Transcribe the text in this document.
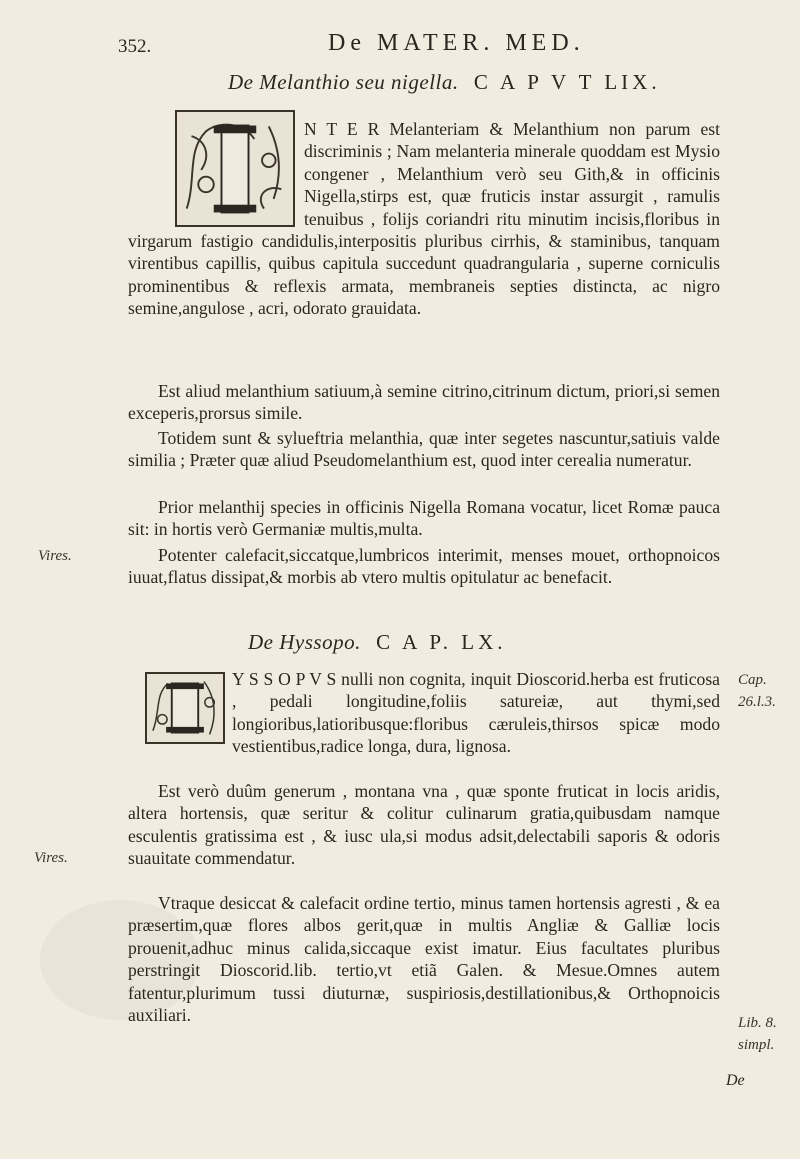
352.	De MATER. MED.
De Melanthio seu nigella. C A P V T LIX.
N T E R Melanteriam & Melanthium non parum est discriminis ; Nam melanteria minerale quoddam est Mysio congener , Melanthium verò seu Gith,& in officinis Nigella,stirps est, quæ fruticis instar assurgit , ramulis tenuibus , folijs coriandri ritu minutim incisis,floribus in virgarum fastigio candidulis,interpositis pluribus cirrhis, & staminibus, tanquam virentibus capillis, quibus capitula succedunt quadrangularia , superne corniculis prominentibus & reflexis armata, membraneis septies distincta, ac nigro semine,angulose , acri, odorato grauidata.
Est aliud melanthium satiuum,à semine citrino,citrinum dictum, priori,si semen exceperis,prorsus simile.
Totidem sunt & sylueftria melanthia, quæ inter segetes nascuntur,satiuis valde similia ; Præter quæ aliud Pseudomelanthium est, quod inter cerealia numeratur.
Prior melanthij species in officinis Nigella Romana vocatur, licet Romæ pauca sit: in hortis verò Germaniæ multis,multa.
Potenter calefacit,siccatque,lumbricos interimit, menses mouet, orthopnoicos iuuat,flatus dissipat,& morbis ab vtero multis opitulatur ac benefacit.
Vires.
De Hyssopo. C A P. LX.
Y S S O P V S nulli non cognita, inquit Dioscorid.herba est fruticosa , pedali longitudine,foliis satureiæ, aut thymi,sed longioribus,latioribusque:floribus cæruleis,thirsos spicæ modo vestientibus,radice longa, dura, lignosa.
Est verò duûm generum , montana vna , quæ sponte fruticat in locis aridis, altera hortensis, quæ seritur & colitur culinarum gratia,quibusdam namque esculentis gratissima est , & iusc ula,si modus adsit,delectabili saporis & odoris suauitate commendatur.
Vtraque desiccat & calefacit ordine tertio, minus tamen hortensis agresti , & ea præsertim,quæ flores albos gerit,quæ in multis Angliæ & Galliæ locis prouenit,adhuc minus calida,siccaque exist imatur. Eius facultates pluribus perstringit Dioscorid.lib. tertio,vt etiã Galen. & Mesue.Omnes autem fatentur,plurimum tussi diuturnæ, suspiriosis,destillationibus,& Orthopnoicis auxiliari.
Cap.
26.l.3.
Vires.
Lib. 8.
simpl.
De
